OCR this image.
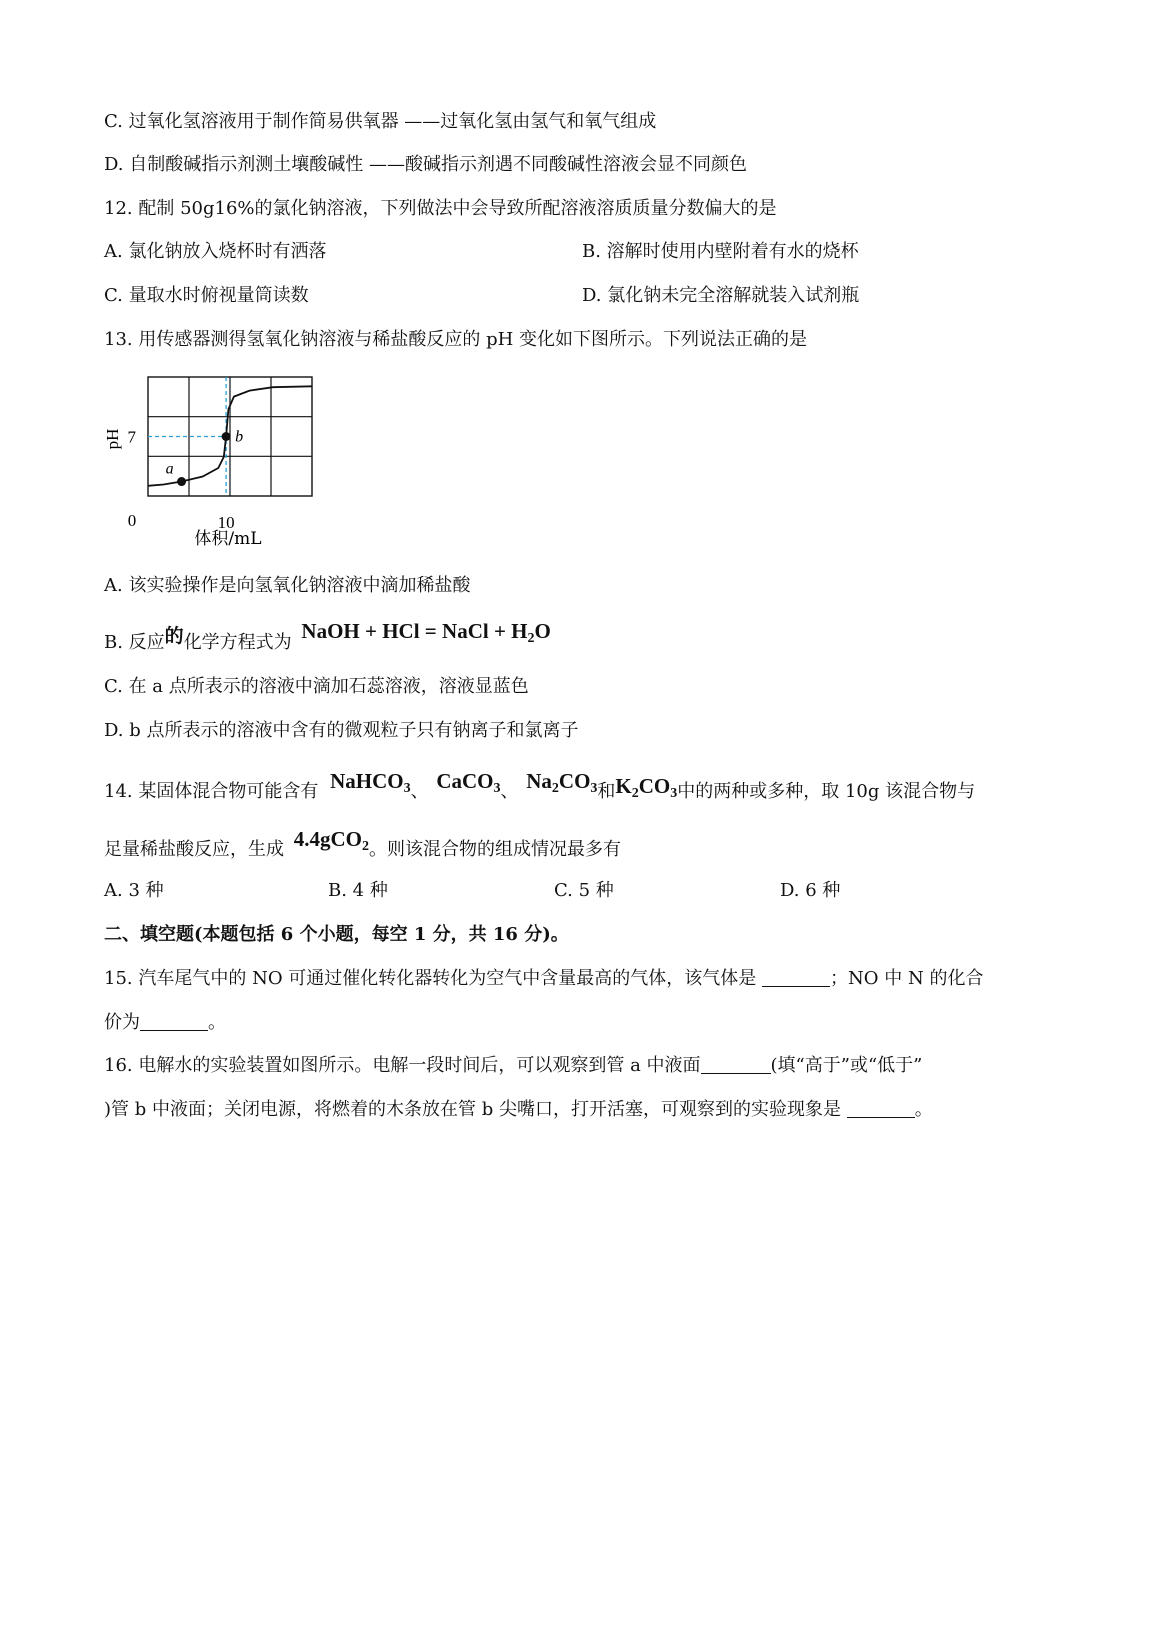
C. 过氧化氢溶液用于制作简易供氧器 ——过氧化氢由氢气和氧气组成
D. 自制酸碱指示剂测土壤酸碱性 ——酸碱指示剂遇不同酸碱性溶液会显不同颜色
12. 配制 50g16%的氯化钠溶液，下列做法中会导致所配溶液溶质质量分数偏大的是
A. 氯化钠放入烧杯时有洒落	B. 溶解时使用内壁附着有水的烧杯
C. 量取水时俯视量筒读数	D. 氯化钠未完全溶解就装入试剂瓶
13. 用传感器测得氢氧化钠溶液与稀盐酸反应的 pH 变化如下图所示。下列说法正确的是
a
b
pH
体积/mL
7
0	10
A. 该实验操作是向氢氧化钠溶液中滴加稀盐酸
B. 反应的化学方程式为 NaOH + HCl = NaCl + $H_2O$
C. 在 a 点所表示的溶液中滴加石蕊溶液，溶液显蓝色
D. b 点所表示的溶液中含有的微观粒子只有钠离子和氯离子
14. 某固体混合物可能含有 NaHCO$_3$、 CaCO$_3$、 $Na_2CO_3$和$K_2CO_3$中的两种或多种，取 10g 该混合物与
足量稀盐酸反应，生成 4.4gCO$_2$。则该混合物的组成情况最多有
A. 3 种	B. 4 种	C. 5 种	D. 6 种
二、填空题(本题包括 6 个小题，每空 1 分，共 16 分)。
15. 汽车尾气中的 NO 可通过催化转化器转化为空气中含量最高的气体，该气体是	；NO 中 N 的化合
价为	。
16. 电解水的实验装置如图所示。电解一段时间后，可以观察到管 a 中液面	(填“高于”或“低于”
)管 b 中液面；关闭电源，将燃着的木条放在管 b 尖嘴口，打开活塞，可观察到的实验现象是	。
